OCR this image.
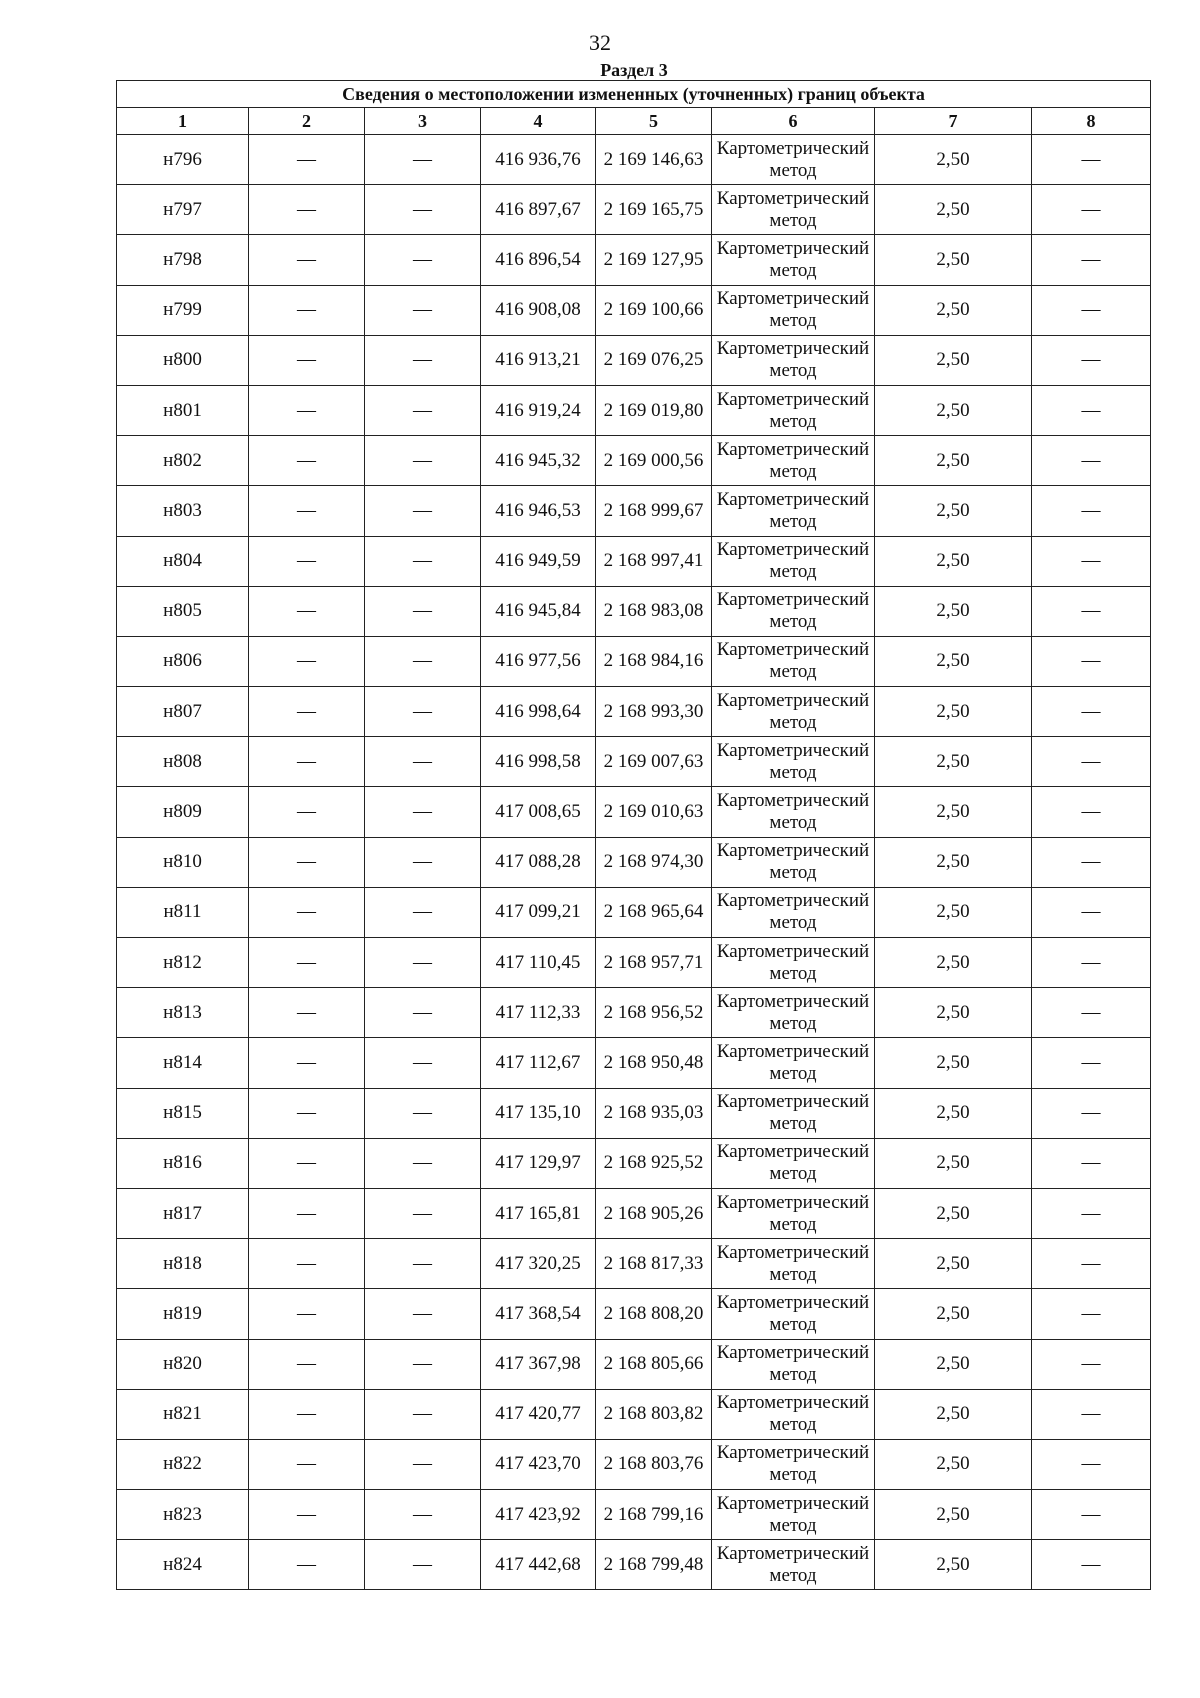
32
Раздел 3
Сведения о местоположении измененных (уточненных) границ объекта							
1	2	3	4	5	6	7	8
н796	—	—	416 936,76	2 169 146,63	Картометрический метод	2,50	—
н797	—	—	416 897,67	2 169 165,75	Картометрический метод	2,50	—
н798	—	—	416 896,54	2 169 127,95	Картометрический метод	2,50	—
н799	—	—	416 908,08	2 169 100,66	Картометрический метод	2,50	—
н800	—	—	416 913,21	2 169 076,25	Картометрический метод	2,50	—
н801	—	—	416 919,24	2 169 019,80	Картометрический метод	2,50	—
н802	—	—	416 945,32	2 169 000,56	Картометрический метод	2,50	—
н803	—	—	416 946,53	2 168 999,67	Картометрический метод	2,50	—
н804	—	—	416 949,59	2 168 997,41	Картометрический метод	2,50	—
н805	—	—	416 945,84	2 168 983,08	Картометрический метод	2,50	—
н806	—	—	416 977,56	2 168 984,16	Картометрический метод	2,50	—
н807	—	—	416 998,64	2 168 993,30	Картометрический метод	2,50	—
н808	—	—	416 998,58	2 169 007,63	Картометрический метод	2,50	—
н809	—	—	417 008,65	2 169 010,63	Картометрический метод	2,50	—
н810	—	—	417 088,28	2 168 974,30	Картометрический метод	2,50	—
н811	—	—	417 099,21	2 168 965,64	Картометрический метод	2,50	—
н812	—	—	417 110,45	2 168 957,71	Картометрический метод	2,50	—
н813	—	—	417 112,33	2 168 956,52	Картометрический метод	2,50	—
н814	—	—	417 112,67	2 168 950,48	Картометрический метод	2,50	—
н815	—	—	417 135,10	2 168 935,03	Картометрический метод	2,50	—
н816	—	—	417 129,97	2 168 925,52	Картометрический метод	2,50	—
н817	—	—	417 165,81	2 168 905,26	Картометрический метод	2,50	—
н818	—	—	417 320,25	2 168 817,33	Картометрический метод	2,50	—
н819	—	—	417 368,54	2 168 808,20	Картометрический метод	2,50	—
н820	—	—	417 367,98	2 168 805,66	Картометрический метод	2,50	—
н821	—	—	417 420,77	2 168 803,82	Картометрический метод	2,50	—
н822	—	—	417 423,70	2 168 803,76	Картометрический метод	2,50	—
н823	—	—	417 423,92	2 168 799,16	Картометрический метод	2,50	—
н824	—	—	417 442,68	2 168 799,48	Картометрический метод	2,50	—
